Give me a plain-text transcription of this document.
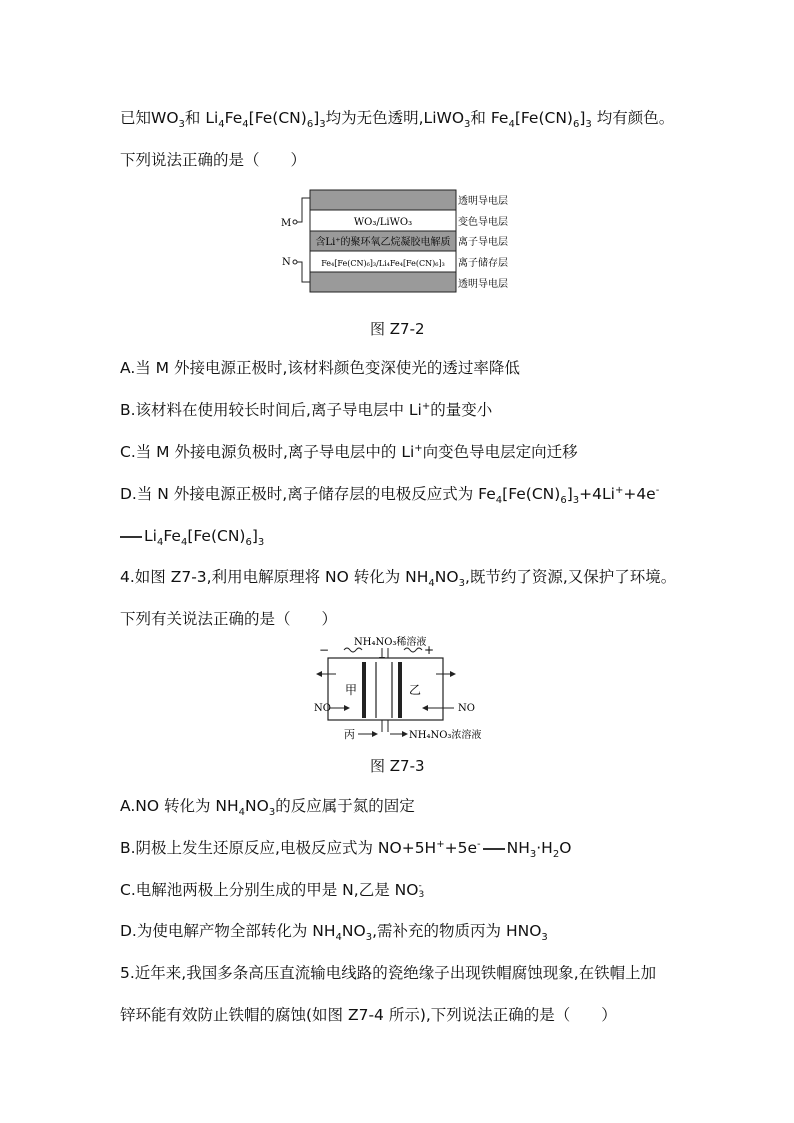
已知$WO_3$和 $Li_4Fe_4[Fe(CN)_6]_3$均为无色透明,LiWO$_3$和 $Fe_4[Fe(CN)_6]_3$ 均有颜色。
下列说法正确的是（　　）
WO₃/LiWO₃
含Li⁺的聚环氧乙烷凝胶电解质
Fe₄[Fe(CN)₆]₃/Li₄Fe₄[Fe(CN)₆]₃
M
N
透明导电层
变色导电层
离子导电层
离子储存层
透明导电层
图 Z7-2
A.当 M 外接电源正极时,该材料颜色变深使光的透过率降低
B.该材料在使用较长时间后,离子导电层中 Li+的量变小
C.当 M 外接电源负极时,离子导电层中的 Li+向变色导电层定向迁移
D.当 N 外接电源正极时,离子储存层的电极反应式为 $Fe_4[Fe(CN)_6]_3+4Li^++4e^-$
$Li_4Fe_4[Fe(CN)_6]_3$
4.如图 Z7-3,利用电解原理将 NO 转化为 $NH_4NO_3$,既节约了资源,又保护了环境。
下列有关说法正确的是（　　）
NH₄NO₃稀溶液
−	+
甲	乙
NO	NO
丙	NH₄NO₃浓溶液
图 Z7-3
A.NO 转化为 $NH_4NO_3$的反应属于氮的固定
B.阴极上发生还原反应,电极反应式为 NO+5H++5e- $NH_3\cdot H_2O$
C.电解池两极上分别生成的甲是 N,乙是 NO -
3
D.为使电解产物全部转化为 $NH_4NO_3$,需补充的物质丙为 $HNO_3$
5.近年来,我国多条高压直流输电线路的瓷绝缘子出现铁帽腐蚀现象,在铁帽上加
锌环能有效防止铁帽的腐蚀(如图 Z7-4 所示),下列说法正确的是（　　）
